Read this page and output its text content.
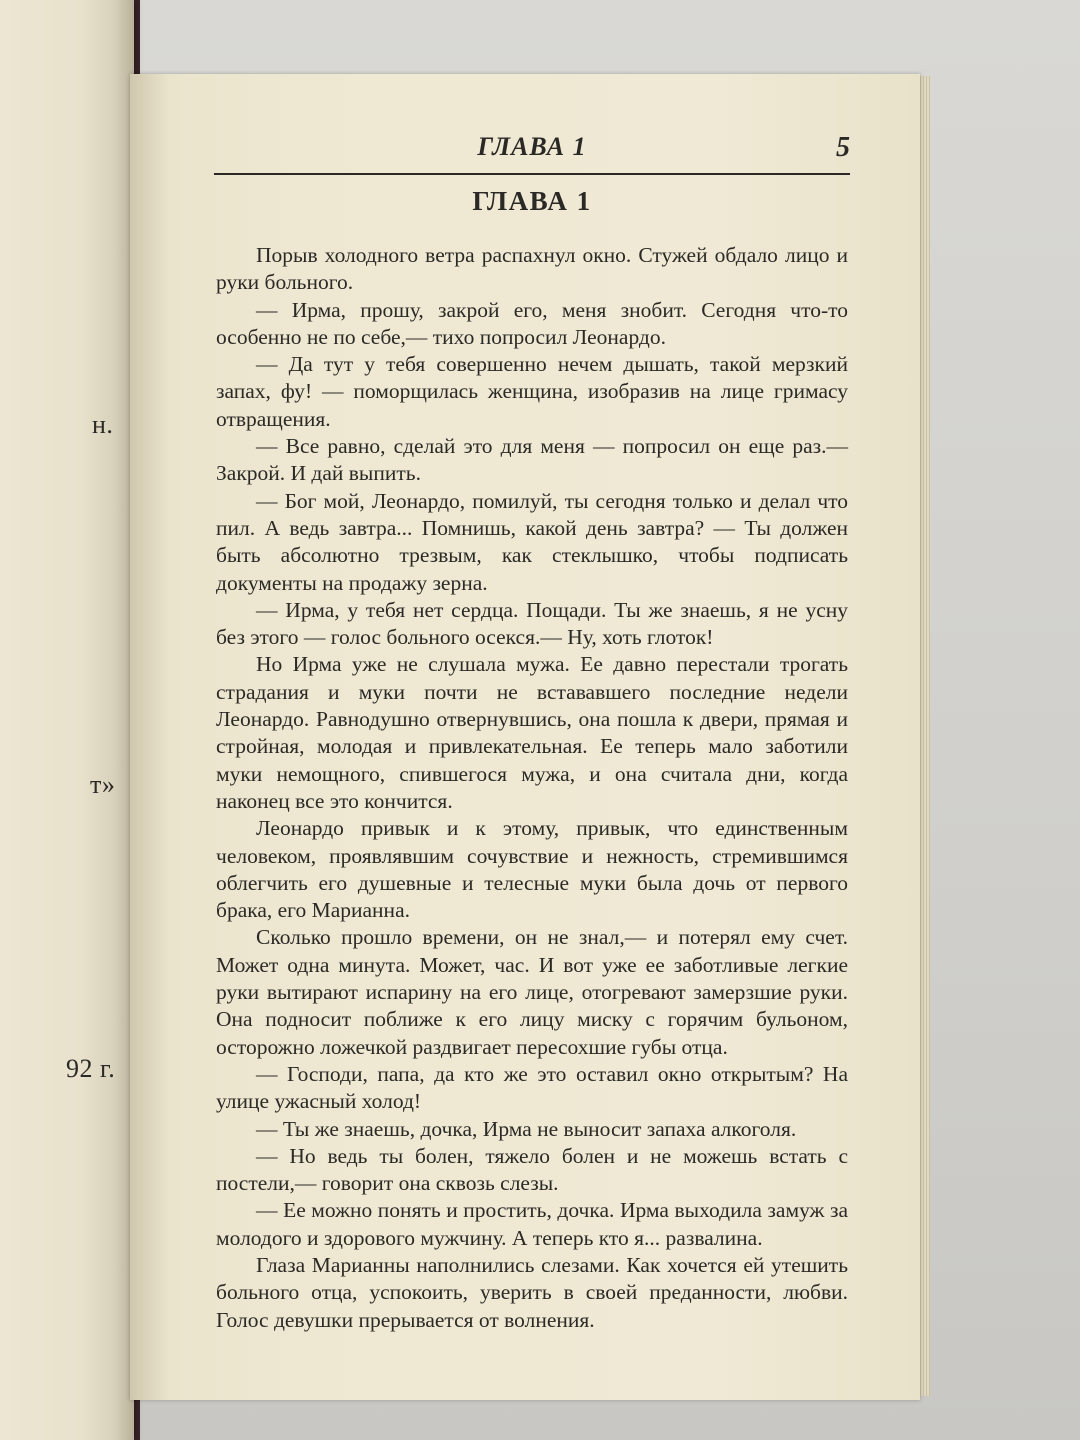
н.
т»
92 г.
ГЛАВА 1	5
ГЛАВА 1

Порыв холодного ветра распахнул окно. Стужей обдало лицо и руки больного.

— Ирма, прошу, закрой его, меня знобит. Сегодня что-то особенно не по себе,— тихо попросил Леонардо.

— Да тут у тебя совершенно нечем дышать, такой мерзкий запах, фу! — поморщилась женщина, изобразив на лице гримасу отвращения.

— Все равно, сделай это для меня — попросил он еще раз.— Закрой. И дай выпить.

— Бог мой, Леонардо, помилуй, ты сегодня только и делал что пил. А ведь завтра... Помнишь, какой день завтра? — Ты должен быть абсолютно трезвым, как стеклышко, чтобы подписать документы на продажу зерна.

— Ирма, у тебя нет сердца. Пощади. Ты же знаешь, я не усну без этого — голос больного осекся.— Ну, хоть глоток!

Но Ирма уже не слушала мужа. Ее давно перестали трогать страдания и муки почти не встававшего последние недели Леонардо. Равнодушно отвернувшись, она пошла к двери, прямая и стройная, молодая и привлекательная. Ее теперь мало заботили муки немощного, спившегося мужа, и она считала дни, когда наконец все это кончится.

Леонардо привык и к этому, привык, что единственным человеком, проявлявшим сочувствие и нежность, стремившимся облегчить его душевные и телесные муки была дочь от первого брака, его Марианна.

Сколько прошло времени, он не знал,— и потерял ему счет. Может одна минута. Может, час. И вот уже ее заботливые легкие руки вытирают испарину на его лице, отогревают замерзшие руки. Она подносит поближе к его лицу миску с горячим бульоном, осторожно ложечкой раздвигает пересохшие губы отца.

— Господи, папа, да кто же это оставил окно открытым? На улице ужасный холод!

— Ты же знаешь, дочка, Ирма не выносит запаха алкоголя.

— Но ведь ты болен, тяжело болен и не можешь встать с постели,— говорит она сквозь слезы.

— Ее можно понять и простить, дочка. Ирма выходила замуж за молодого и здорового мужчину. А теперь кто я... развалина.

Глаза Марианны наполнились слезами. Как хочется ей утешить больного отца, успокоить, уверить в своей преданности, любви. Голос девушки прерывается от волнения.
